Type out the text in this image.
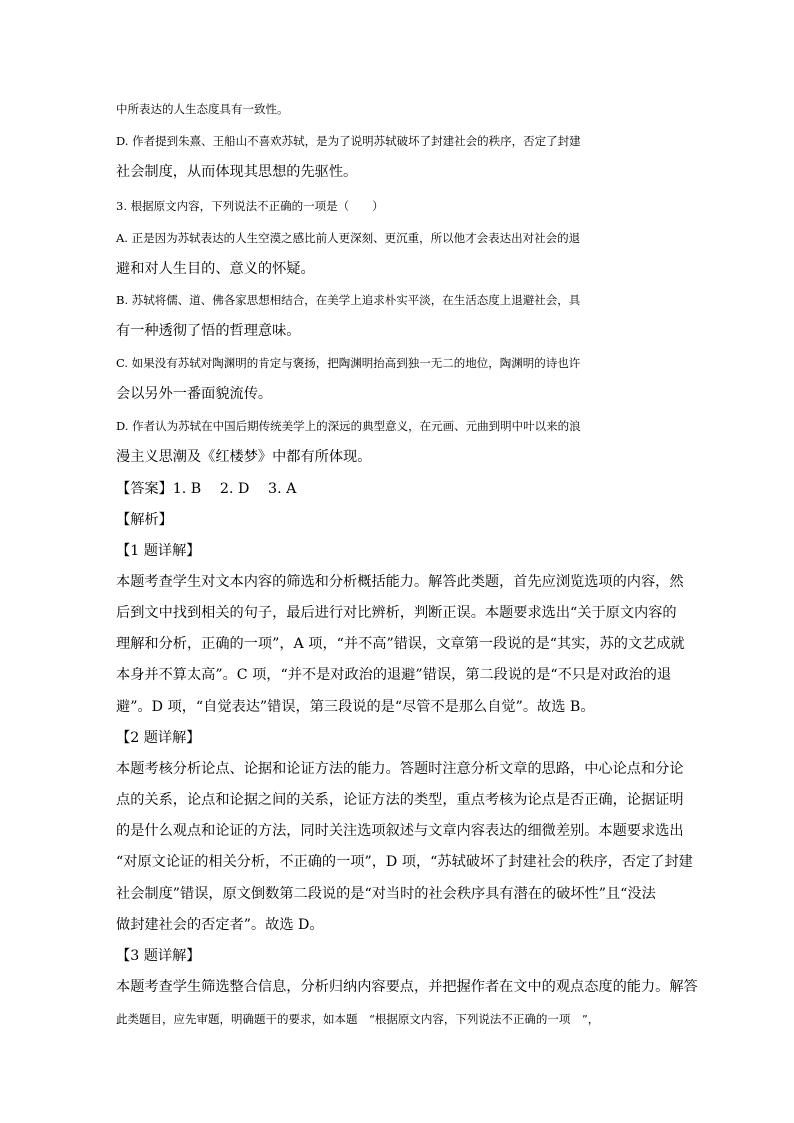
中所表达的人生态度具有一致性。
D. 作者提到朱熹、王船山不喜欢苏轼，是为了说明苏轼破坏了封建社会的秩序，否定了封建
社会制度，从而体现其思想的先驱性。
3. 根据原文内容，下列说法不正确的一项是（　　）
A. 正是因为苏轼表达的人生空漠之感比前人更深刻、更沉重，所以他才会表达出对社会的退
避和对人生目的、意义的怀疑。
B. 苏轼将儒、道、佛各家思想相结合，在美学上追求朴实平淡，在生活态度上退避社会，具
有一种透彻了悟的哲理意味。
C. 如果没有苏轼对陶渊明的肯定与褒扬，把陶渊明抬高到独一无二的地位，陶渊明的诗也许
会以另外一番面貌流传。
D. 作者认为苏轼在中国后期传统美学上的深远的典型意义，在元画、元曲到明中叶以来的浪
漫主义思潮及《红楼梦》中都有所体现。
【答案】1. B　 2. D　 3. A
【解析】
【1 题详解】
本题考查学生对文本内容的筛选和分析概括能力。解答此类题，首先应浏览选项的内容，然
后到文中找到相关的句子，最后进行对比辨析，判断正误。本题要求选出“关于原文内容的
理解和分析，正确的一项”，A 项，“并不高”错误，文章第一段说的是“其实，苏的文艺成就
本身并不算太高”。C 项，“并不是对政治的退避”错误，第二段说的是“不只是对政治的退
避”。D 项，“自觉表达”错误，第三段说的是“尽管不是那么自觉”。故选 B。
【2 题详解】
本题考核分析论点、论据和论证方法的能力。答题时注意分析文章的思路，中心论点和分论
点的关系，论点和论据之间的关系，论证方法的类型，重点考核为论点是否正确，论据证明
的是什么观点和论证的方法，同时关注选项叙述与文章内容表达的细微差别。本题要求选出
“对原文论证的相关分析，不正确的一项”，D 项，“苏轼破坏了封建社会的秩序，否定了封建
社会制度”错误，原文倒数第二段说的是“对当时的社会秩序具有潜在的破坏性”且“没法
做封建社会的否定者”。故选 D。
【3 题详解】
本题考查学生筛选整合信息，分析归纳内容要点，并把握作者在文中的观点态度的能力。解答
此类题目，应先审题，明确题干的要求，如本题　“根据原文内容，下列说法不正确的一项　”，
